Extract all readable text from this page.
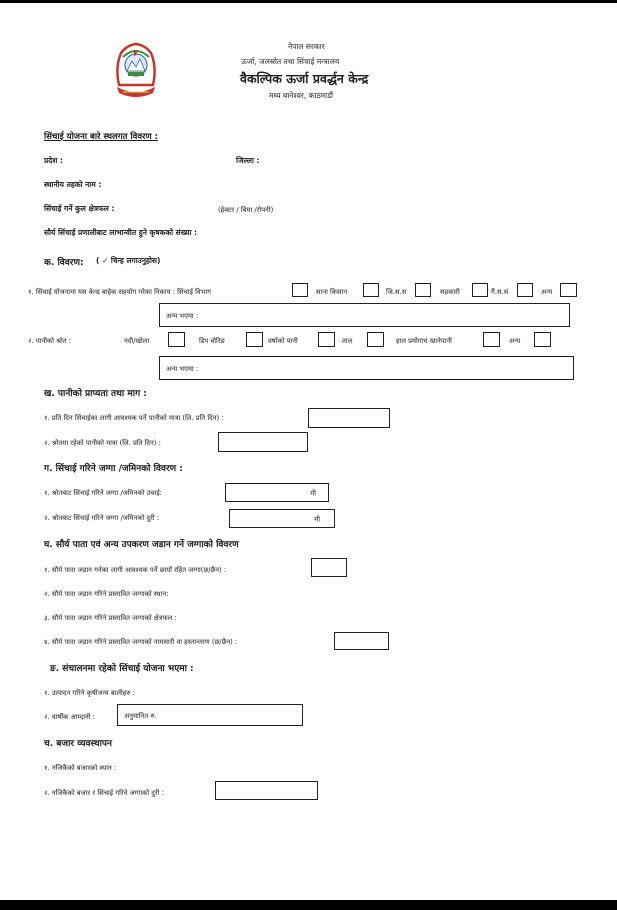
नेपाल सरकार
ऊर्जा, जलस्रोत तथा सिंचाई मन्त्रालय
वैकल्पिक ऊर्जा प्रवर्द्धन केन्द्र
मध्य बानेश्वर, काठमाडौं
सिंचाई योजना बारे स्थलगत विवरण :
प्रदेश :	जिल्ला :
स्थानीय तहको नाम :
सिंचाई गर्ने कुल क्षेत्रफल :	(हेक्टर / बिघा /रोपनी)
सौर्य सिंचाई प्रणालीबाट लाभान्वीत हुने कृषकको संख्या :
क. विवरण: ( ✓ चिन्ह लगाउनुहोस)
१. सिंचाई योजनामा यस केन्द्र बाहेक सहयोग गरेका निकाय : सिंचाई विभाग	साना किसान	जि.स.स	सहकारी	गै.स.सं	अन्य
अन्य भएमा :
२. पानीको श्रोत :	नदी/खोला	डिप बोरिङ	वर्षाको पानी	ताल	हाल प्रयोगाधं खानेपानी	अन्य
अन्य भएमा :
ख. पानीको प्राप्यता तथा माग :
१. प्रति दिन सिंचाईका लागी आवश्यक पर्ने पानीको मात्रा (लि. प्रति दिन) :
२. श्रोतमा रहेको पानीको मात्रा (लि. प्रति दिन) :
ग. सिंचाई गरिने जग्गा /जमिनको विवरण :
१. श्रोतबाट सिंचाई गरिने जग्गा /जमिनको उचाई:	मी
२. श्रोतबाट सिंचाई गरिने जग्गा /जमिनको दुरी :	मी
घ. सौर्य पाता एवं अन्य उपकरण जडान गर्ने जग्गाको विवरण
१. सौर्य पाता जडान गर्नका लागी आवश्यक पर्ने छायाँ रहित जग्गा(छ/छैन) :
२. सौर्य पाता जडान गरिने प्रस्तावित जग्गाको स्थान:
३. सौर्य पाता जडान गरिने प्रस्तावित जग्गाको क्षेत्रफल :
४. सौर्य पाता जडान गरिने प्रस्तावित जग्गाको नामसारी वा हस्तान्तरण (छ/छैन) :
ङ. संचालनमा रहेको सिंचाई योजना भएमा :
१. उत्पादन गरिने कृषीजन्य बालीहरु :
२. वार्षीक आम्दानी :	अनुमानित रु.
च. बजार व्यवस्थापन
१. नजिकैको बजारको स्थान :
२. नजिकैको बजार र सिंचाई गरिने जग्गाको दुरी :
